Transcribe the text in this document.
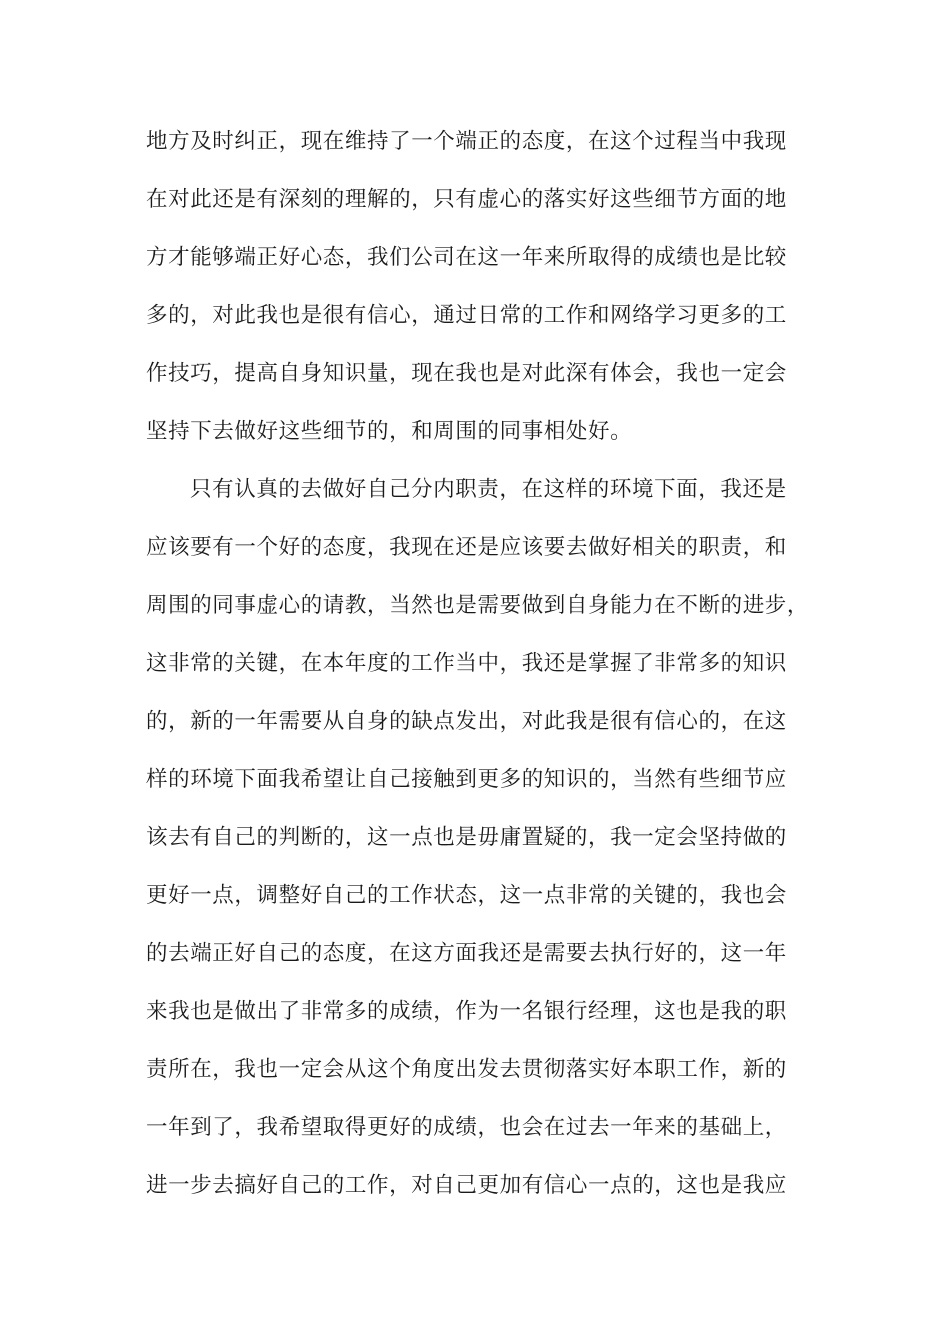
地方及时纠正，现在维持了一个端正的态度，在这个过程当中我现
在对此还是有深刻的理解的，只有虚心的落实好这些细节方面的地
方才能够端正好心态，我们公司在这一年来所取得的成绩也是比较
多的，对此我也是很有信心，通过日常的工作和网络学习更多的工
作技巧，提高自身知识量，现在我也是对此深有体会，我也一定会
坚持下去做好这些细节的，和周围的同事相处好。
只有认真的去做好自己分内职责，在这样的环境下面，我还是
应该要有一个好的态度，我现在还是应该要去做好相关的职责，和
周围的同事虚心的请教，当然也是需要做到自身能力在不断的进步，
这非常的关键，在本年度的工作当中，我还是掌握了非常多的知识
的，新的一年需要从自身的缺点发出，对此我是很有信心的，在这
样的环境下面我希望让自己接触到更多的知识的，当然有些细节应
该去有自己的判断的，这一点也是毋庸置疑的，我一定会坚持做的
更好一点，调整好自己的工作状态，这一点非常的关键的，我也会
的去端正好自己的态度，在这方面我还是需要去执行好的，这一年
来我也是做出了非常多的成绩，作为一名银行经理，这也是我的职
责所在，我也一定会从这个角度出发去贯彻落实好本职工作，新的
一年到了，我希望取得更好的成绩，也会在过去一年来的基础上，
进一步去搞好自己的工作，对自己更加有信心一点的，这也是我应
